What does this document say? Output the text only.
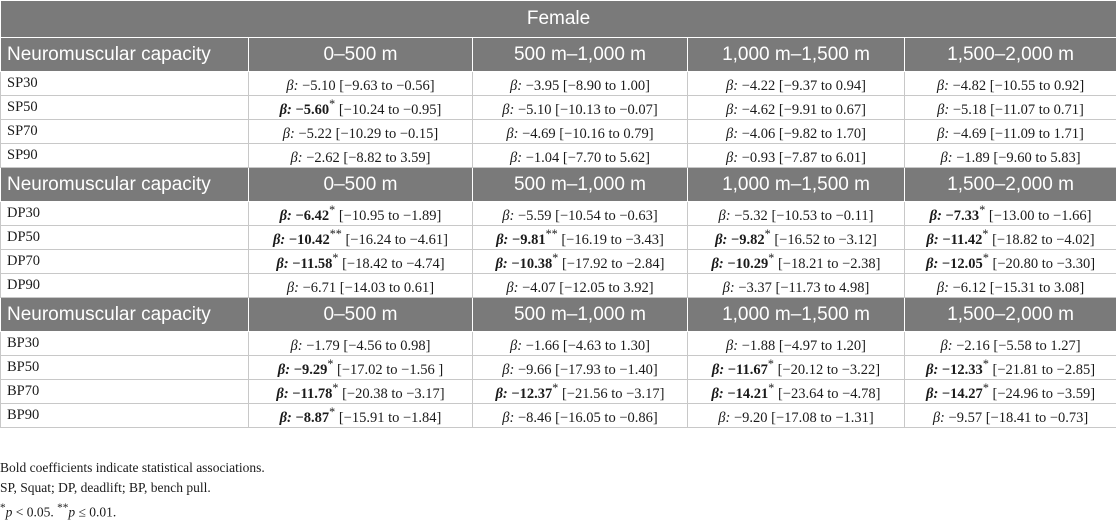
Female				
Neuromuscular capacity	0–500 m	500 m–1,000 m	1,000 m–1,500 m	1,500–2,000 m
SP30	β: −5.10 [−9.63 to −0.56]	β: −3.95 [−8.90 to 1.00]	β: −4.22 [−9.37 to 0.94]	β: −4.82 [−10.55 to 0.92]
SP50	β: −5.60* [−10.24 to −0.95]	β: −5.10 [−10.13 to −0.07]	β: −4.62 [−9.91 to 0.67]	β: −5.18 [−11.07 to 0.71]
SP70	β: −5.22 [−10.29 to −0.15]	β: −4.69 [−10.16 to 0.79]	β: −4.06 [−9.82 to 1.70]	β: −4.69 [−11.09 to 1.71]
SP90	β: −2.62 [−8.82 to 3.59]	β: −1.04 [−7.70 to 5.62]	β: −0.93 [−7.87 to 6.01]	β: −1.89 [−9.60 to 5.83]
Neuromuscular capacity	0–500 m	500 m–1,000 m	1,000 m–1,500 m	1,500–2,000 m
DP30	β: −6.42* [−10.95 to −1.89]	β: −5.59 [−10.54 to −0.63]	β: −5.32 [−10.53 to −0.11]	β: −7.33* [−13.00 to −1.66]
DP50	β: −10.42** [−16.24 to −4.61]	β: −9.81** [−16.19 to −3.43]	β: −9.82* [−16.52 to −3.12]	β: −11.42* [−18.82 to −4.02]
DP70	β: −11.58* [−18.42 to −4.74]	β: −10.38* [−17.92 to −2.84]	β: −10.29* [−18.21 to −2.38]	β: −12.05* [−20.80 to −3.30]
DP90	β: −6.71 [−14.03 to 0.61]	β: −4.07 [−12.05 to 3.92]	β: −3.37 [−11.73 to 4.98]	β: −6.12 [−15.31 to 3.08]
Neuromuscular capacity	0–500 m	500 m–1,000 m	1,000 m–1,500 m	1,500–2,000 m
BP30	β: −1.79 [−4.56 to 0.98]	β: −1.66 [−4.63 to 1.30]	β: −1.88 [−4.97 to 1.20]	β: −2.16 [−5.58 to 1.27]
BP50	β: −9.29* [−17.02 to −1.56 ]	β: −9.66 [−17.93 to −1.40]	β: −11.67* [−20.12 to −3.22]	β: −12.33* [−21.81 to −2.85]
BP70	β: −11.78* [−20.38 to −3.17]	β: −12.37* [−21.56 to −3.17]	β: −14.21* [−23.64 to −4.78]	β: −14.27* [−24.96 to −3.59]
BP90	β: −8.87* [−15.91 to −1.84]	β: −8.46 [−16.05 to −0.86]	β: −9.20 [−17.08 to −1.31]	β: −9.57 [−18.41 to −0.73]
Bold coefficients indicate statistical associations.
SP, Squat; DP, deadlift; BP, bench pull.
*p < 0.05. **p ≤ 0.01.
